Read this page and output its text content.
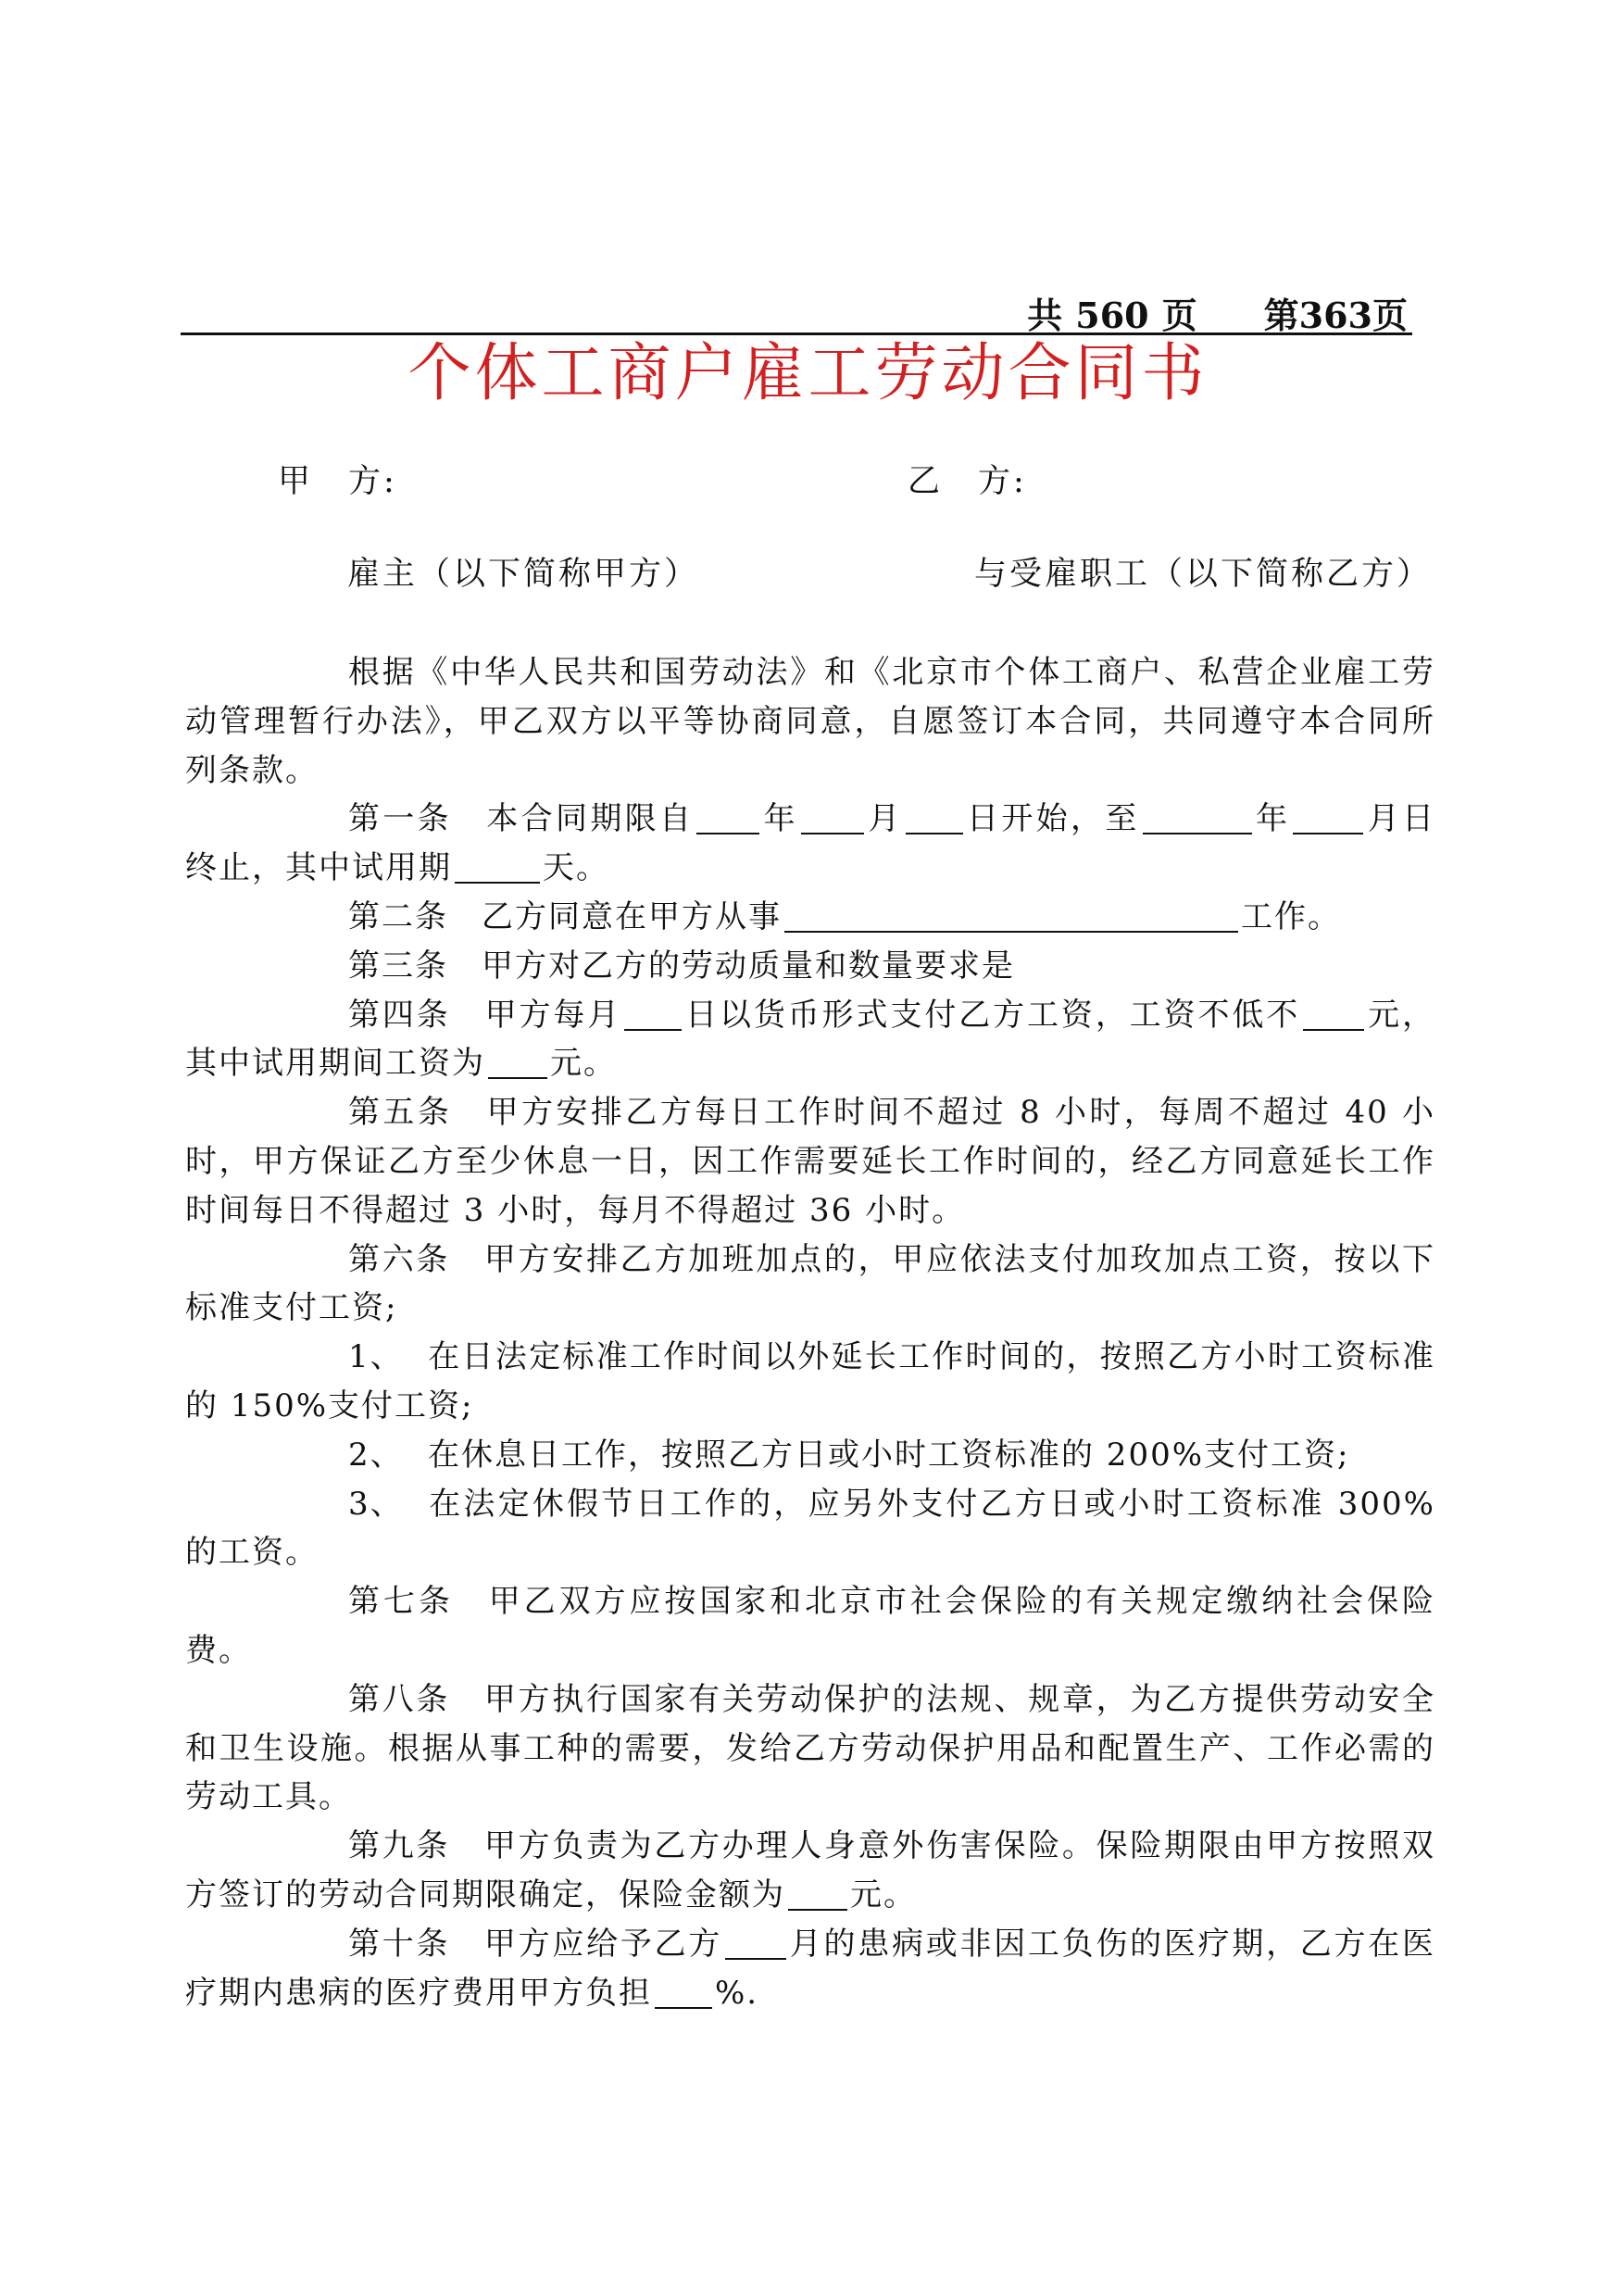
共 560 页 第363页
个体工商户雇工劳动合同书
甲　方:	乙　方:
雇主（以下简称甲方）	与受雇职工（以下简称乙方）

根据《中华人民共和国劳动法》和《北京市个体工商户、私营企业雇工劳动管理暂行办法》，甲乙双方以平等协商同意，自愿签订本合同，共同遵守本合同所列条款。

第一条　本合同期限自 年 月 日开始，至	年 月日终止，其中试用期	天。

第二条　乙方同意在甲方从事	工作。

第三条　甲方对乙方的劳动质量和数量要求是

第四条　甲方每月 日以货币形式支付乙方工资，工资不低不 元，其中试用期间工资为 元。

第五条　甲方安排乙方每日工作时间不超过 8 小时，每周不超过 40 小时，甲方保证乙方至少休息一日，因工作需要延长工作时间的，经乙方同意延长工作时间每日不得超过 3 小时，每月不得超过 36 小时。

第六条　甲方安排乙方加班加点的，甲应依法支付加玫加点工资，按以下标准支付工资;

1、 在日法定标准工作时间以外延长工作时间的，按照乙方小时工资标准的 150%支付工资;

2、 在休息日工作，按照乙方日或小时工资标准的 200%支付工资;

3、 在法定休假节日工作的，应另外支付乙方日或小时工资标准 300%的工资。

第七条　甲乙双方应按国家和北京市社会保险的有关规定缴纳社会保险费。

第八条　甲方执行国家有关劳动保护的法规、规章，为乙方提供劳动安全和卫生设施。根据从事工种的需要，发给乙方劳动保护用品和配置生产、工作必需的劳动工具。

第九条　甲方负责为乙方办理人身意外伤害保险。保险期限由甲方按照双方签订的劳动合同期限确定，保险金额为 元。

第十条　甲方应给予乙方 月的患病或非因工负伤的医疗期，乙方在医疗期内患病的医疗费用甲方负担 %.
